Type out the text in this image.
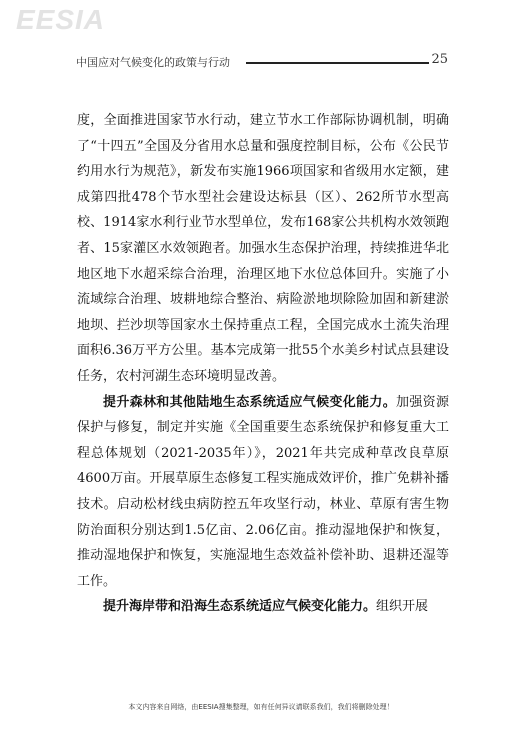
EESIA
中国应对气候变化的政策与行动	25

度，全面推进国家节水行动，建立节水工作部际协调机制，明确了“十四五”全国及分省用水总量和强度控制目标，公布《公民节约用水行为规范》，新发布实施1966项国家和省级用水定额，建成第四批478个节水型社会建设达标县（区）、262所节水型高校、1914家水利行业节水型单位，发布168家公共机构水效领跑者、15家灌区水效领跑者。加强水生态保护治理，持续推进华北地区地下水超采综合治理，治理区地下水位总体回升。实施了小流域综合治理、坡耕地综合整治、病险淤地坝除险加固和新建淤地坝、拦沙坝等国家水土保持重点工程，全国完成水土流失治理面积6.36万平方公里。基本完成第一批55个水美乡村试点县建设任务，农村河湖生态环境明显改善。

提升森林和其他陆地生态系统适应气候变化能力。加强资源保护与修复，制定并实施《全国重要生态系统保护和修复重大工程总体规划（2021-2035年）》，2021年共完成种草改良草原4600万亩。开展草原生态修复工程实施成效评价，推广免耕补播技术。启动松材线虫病防控五年攻坚行动，林业、草原有害生物防治面积分别达到1.5亿亩、2.06亿亩。推动湿地保护和恢复，推动湿地保护和恢复，实施湿地生态效益补偿补助、退耕还湿等工作。

提升海岸带和沿海生态系统适应气候变化能力。组织开展

本文内容来自网络，由EESIA搜集整理，如有任何异议请联系我们，我们将删除处理！
